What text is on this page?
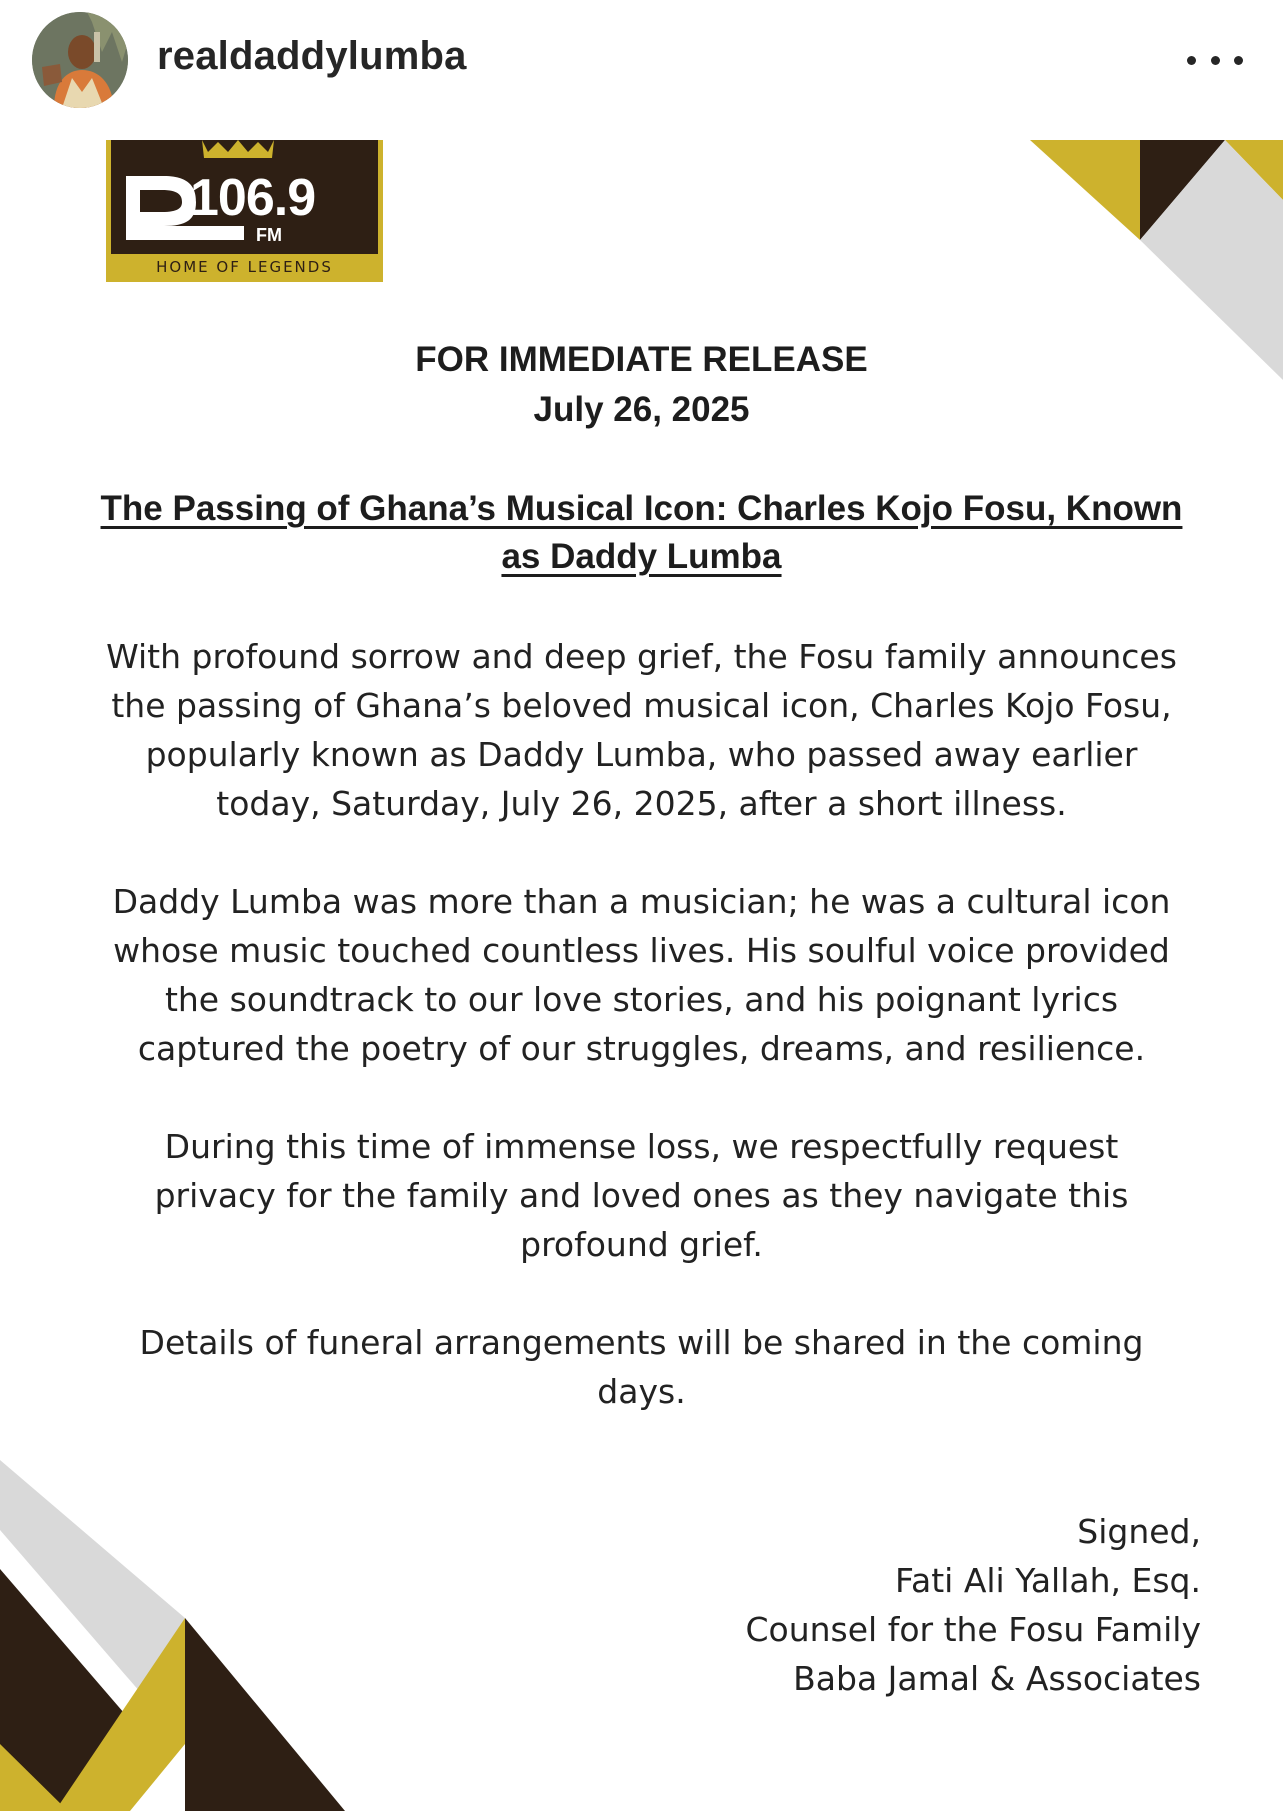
realdaddylumba
106.9
FM
HOME OF LEGENDS
FOR IMMEDIATE RELEASE
July 26, 2025
The Passing of Ghana’s Musical Icon: Charles Kojo Fosu, Known
as Daddy Lumba
With profound sorrow and deep grief, the Fosu family announces
the passing of Ghana’s beloved musical icon, Charles Kojo Fosu,
popularly known as Daddy Lumba, who passed away earlier
today, Saturday, July 26, 2025, after a short illness.
Daddy Lumba was more than a musician; he was a cultural icon
whose music touched countless lives. His soulful voice provided
the soundtrack to our love stories, and his poignant lyrics
captured the poetry of our struggles, dreams, and resilience.
During this time of immense loss, we respectfully request
privacy for the family and loved ones as they navigate this
profound grief.
Details of funeral arrangements will be shared in the coming
days.
Signed,
Fati Ali Yallah, Esq.
Counsel for the Fosu Family
Baba Jamal & Associates
